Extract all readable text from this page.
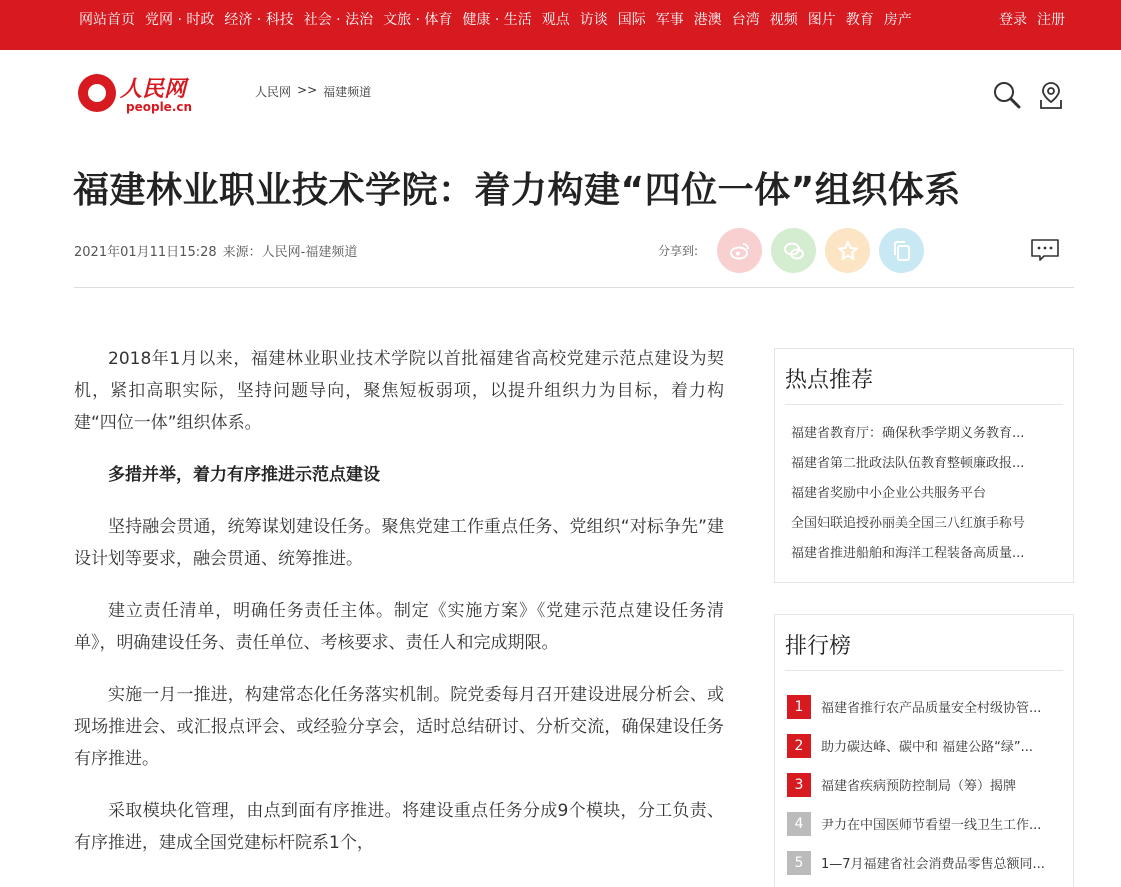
网站首页 党网 · 时政 经济 · 科技 社会 · 法治 文旅 · 体育 健康 · 生活 观点 访谈 国际 军事 港澳 台湾 视频 图片 教育 房产	登录 注册
人民网
people.cn
人民网 >> 福建频道
福建林业职业技术学院：着力构建“四位一体”组织体系
2021年01月11日15:28 来源：人民网-福建频道	分享到:

2018年1月以来，福建林业职业技术学院以首批福建省高校党建示范点建设为契机，紧扣高职实际，坚持问题导向，聚焦短板弱项，以提升组织力为目标，着力构建“四位一体”组织体系。

多措并举，着力有序推进示范点建设

坚持融会贯通，统筹谋划建设任务。聚焦党建工作重点任务、党组织“对标争先”建设计划等要求，融会贯通、统筹推进。

建立责任清单，明确任务责任主体。制定《实施方案》《党建示范点建设任务清单》，明确建设任务、责任单位、考核要求、责任人和完成期限。

实施一月一推进，构建常态化任务落实机制。院党委每月召开建设进展分析会、或现场推进会、或汇报点评会、或经验分享会，适时总结研讨、分析交流，确保建设任务有序推进。

采取模块化管理，由点到面有序推进。将建设重点任务分成9个模块，分工负责、有序推进，建成全国党建标杆院系1个，

热点推荐
福建省教育厅：确保秋季学期义务教育...
福建省第二批政法队伍教育整顿廉政报...
福建省奖励中小企业公共服务平台
全国妇联追授孙丽美全国三八红旗手称号
福建省推进船舶和海洋工程装备高质量...
排行榜
1	福建省推行农产品质量安全村级协管...
2	助力碳达峰、碳中和 福建公路“绿”...
3	福建省疾病预防控制局（筹）揭牌
4	尹力在中国医师节看望一线卫生工作...
5	1—7月福建省社会消费品零售总额同...
